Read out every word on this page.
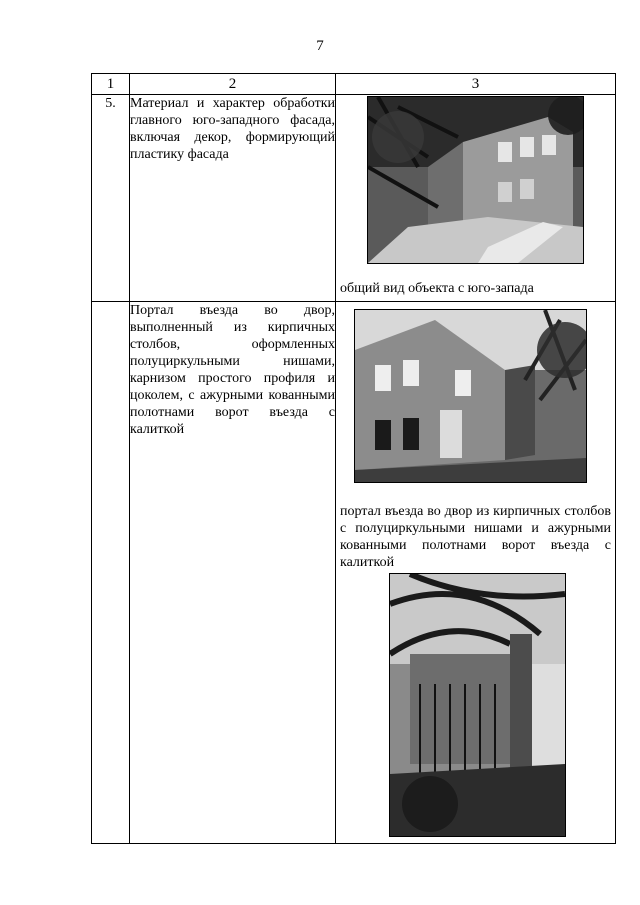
7
1	2	3
5.	Материал и характер обработки главного юго-западного фасада, включая декор, формирующий пластику фасада	общий вид объекта с юго-запада

	Портал въезда во двор, выполненный из кирпичных столбов, оформленных полуциркульными нишами, карнизом простого профиля и цоколем, с ажурными кованными полотнами ворот въезда с калиткой	портал въезда во двор из кирпичных столбов с полуциркульными нишами и ажурными кованными полотнами ворот въезда с калиткой
